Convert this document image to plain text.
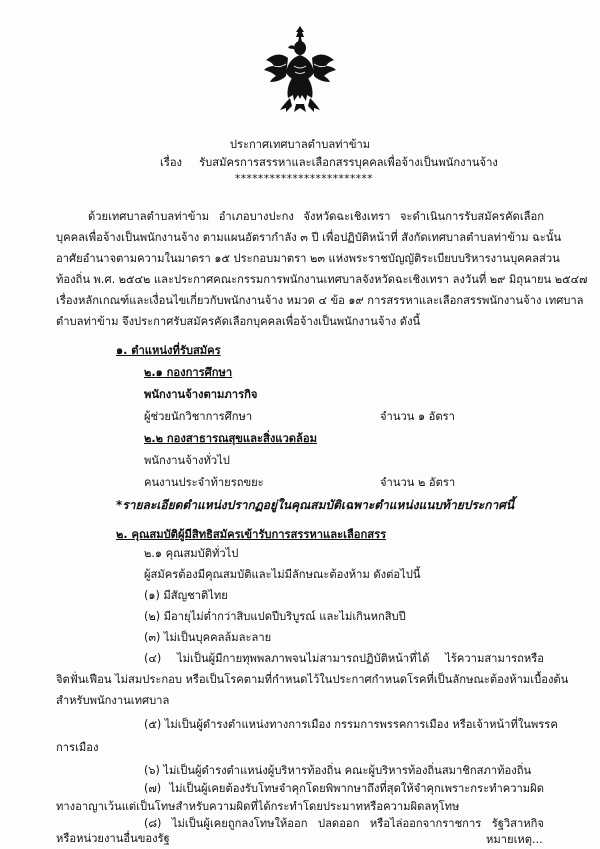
ประกาศเทศบาลตำบลท่าข้าม
เรื่อง รับสมัครการสรรหาและเลือกสรรบุคคลเพื่อจ้างเป็นพนักงานจ้าง
************************
ด้วยเทศบาลตำบลท่าข้าม อำเภอบางปะกง จังหวัดฉะเชิงเทรา จะดำเนินการรับสมัครคัดเลือก
บุคคลเพื่อจ้างเป็นพนักงานจ้าง ตามแผนอัตรากำลัง ๓ ปี เพื่อปฏิบัติหน้าที่ สังกัดเทศบาลตำบลท่าข้าม ฉะนั้น
อาศัยอำนาจตามความในมาตรา ๑๕ ประกอบมาตรา ๒๓ แห่งพระราชบัญญัติระเบียบบริหารงานบุคคลส่วน
ท้องถิ่น พ.ศ. ๒๕๔๒ และประกาศคณะกรรมการพนักงานเทศบาลจังหวัดฉะเชิงเทรา ลงวันที่ ๒๙ มิถุนายน ๒๕๔๗
เรื่องหลักเกณฑ์และเงื่อนไขเกี่ยวกับพนักงานจ้าง หมวด ๔ ข้อ ๑๙ การสรรหาและเลือกสรรพนักงานจ้าง เทศบาล
ตำบลท่าข้าม จึงประกาศรับสมัครคัดเลือกบุคคลเพื่อจ้างเป็นพนักงานจ้าง ดังนี้
๑. ตำแหน่งที่รับสมัคร
๒.๑ กองการศึกษา
พนักงานจ้างตามภารกิจ
ผู้ช่วยนักวิชาการศึกษา	จำนวน ๑ อัตรา
๒.๒ กองสาธารณสุขและสิ่งแวดล้อม
พนักงานจ้างทั่วไป
คนงานประจำท้ายรถขยะ	จำนวน ๒ อัตรา
*รายละเอียดตำแหน่งปรากฏอยู่ในคุณสมบัติเฉพาะตำแหน่งแนบท้ายประกาศนี้
๒. คุณสมบัติผู้มีสิทธิสมัครเข้ารับการสรรหาและเลือกสรร
๒.๑ คุณสมบัติทั่วไป
ผู้สมัครต้องมีคุณสมบัติและไม่มีลักษณะต้องห้าม ดังต่อไปนี้
(๑) มีสัญชาติไทย
(๒) มีอายุไม่ต่ำกว่าสิบแปดปีบริบูรณ์ และไม่เกินหกสิบปี
(๓) ไม่เป็นบุคคลล้มละลาย
(๔) ไม่เป็นผู้มีกายทุพพลภาพจนไม่สามารถปฏิบัติหน้าที่ได้ ไร้ความสามารถหรือ
จิตฟั่นเฟือน ไม่สมประกอบ หรือเป็นโรคตามที่กำหนดไว้ในประกาศกำหนดโรคที่เป็นลักษณะต้องห้ามเบื้องต้น
สำหรับพนักงานเทศบาล
(๕) ไม่เป็นผู้ดำรงตำแหน่งทางการเมือง กรรมการพรรคการเมือง หรือเจ้าหน้าที่ในพรรค
การเมือง
(๖) ไม่เป็นผู้ดำรงตำแหน่งผู้บริหารท้องถิ่น คณะผู้บริหารท้องถิ่นสมาชิกสภาท้องถิ่น
(๗) ไม่เป็นผู้เคยต้องรับโทษจำคุกโดยพิพากษาถึงที่สุดให้จำคุกเพราะกระทำความผิด
ทางอาญาเว้นแต่เป็นโทษสำหรับความผิดที่ได้กระทำโดยประมาทหรือความผิดลหุโทษ
(๘) ไม่เป็นผู้เคยถูกลงโทษให้ออก ปลดออก หรือไล่ออกจากราชการ รัฐวิสาหกิจ
หรือหน่วยงานอื่นของรัฐ	หมายเหตุ...
